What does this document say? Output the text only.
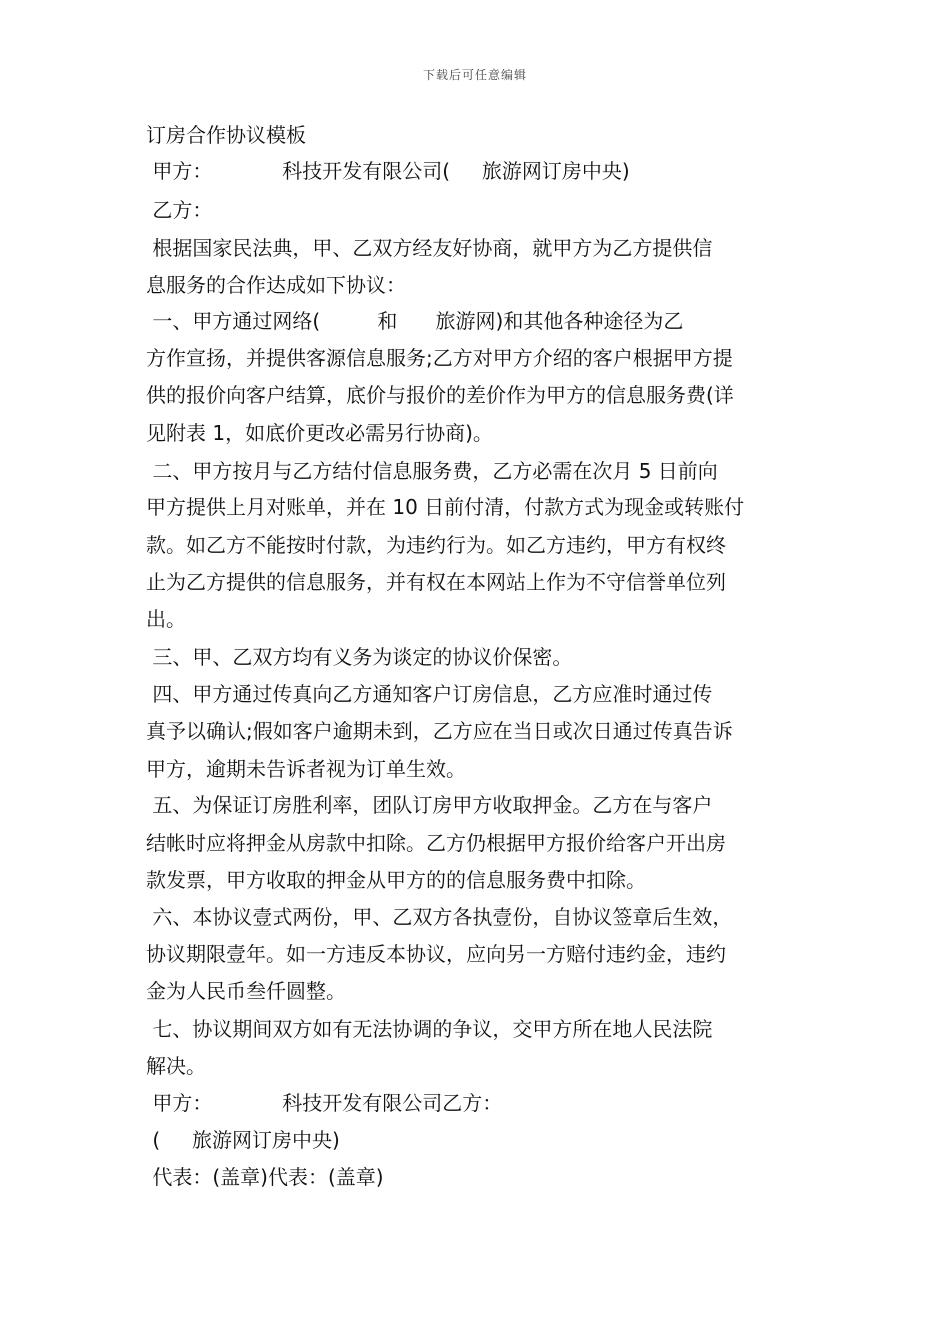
下载后可任意编辑
订房合作协议模板
甲方：           科技开发有限公司(     旅游网订房中央)
乙方：
根据国家民法典，甲、乙双方经友好协商，就甲方为乙方提供信
息服务的合作达成如下协议：
一、甲方通过网络(         和      旅游网)和其他各种途径为乙
方作宣扬，并提供客源信息服务;乙方对甲方介绍的客户根据甲方提
供的报价向客户结算，底价与报价的差价作为甲方的信息服务费(详
见附表 1，如底价更改必需另行协商)。
二、甲方按月与乙方结付信息服务费，乙方必需在次月 5 日前向
甲方提供上月对账单，并在 10 日前付清，付款方式为现金或转账付
款。如乙方不能按时付款，为违约行为。如乙方违约，甲方有权终
止为乙方提供的信息服务，并有权在本网站上作为不守信誉单位列
出。
三、甲、乙双方均有义务为谈定的协议价保密。
四、甲方通过传真向乙方通知客户订房信息，乙方应准时通过传
真予以确认;假如客户逾期未到，乙方应在当日或次日通过传真告诉
甲方，逾期未告诉者视为订单生效。
五、为保证订房胜利率，团队订房甲方收取押金。乙方在与客户
结帐时应将押金从房款中扣除。乙方仍根据甲方报价给客户开出房
款发票，甲方收取的押金从甲方的的信息服务费中扣除。
六、本协议壹式两份，甲、乙双方各执壹份，自协议签章后生效，
协议期限壹年。如一方违反本协议，应向另一方赔付违约金，违约
金为人民币叁仟圆整。
七、协议期间双方如有无法协调的争议，交甲方所在地人民法院
解决。
甲方：           科技开发有限公司乙方：
(     旅游网订房中央)
代表：(盖章)代表：(盖章)
